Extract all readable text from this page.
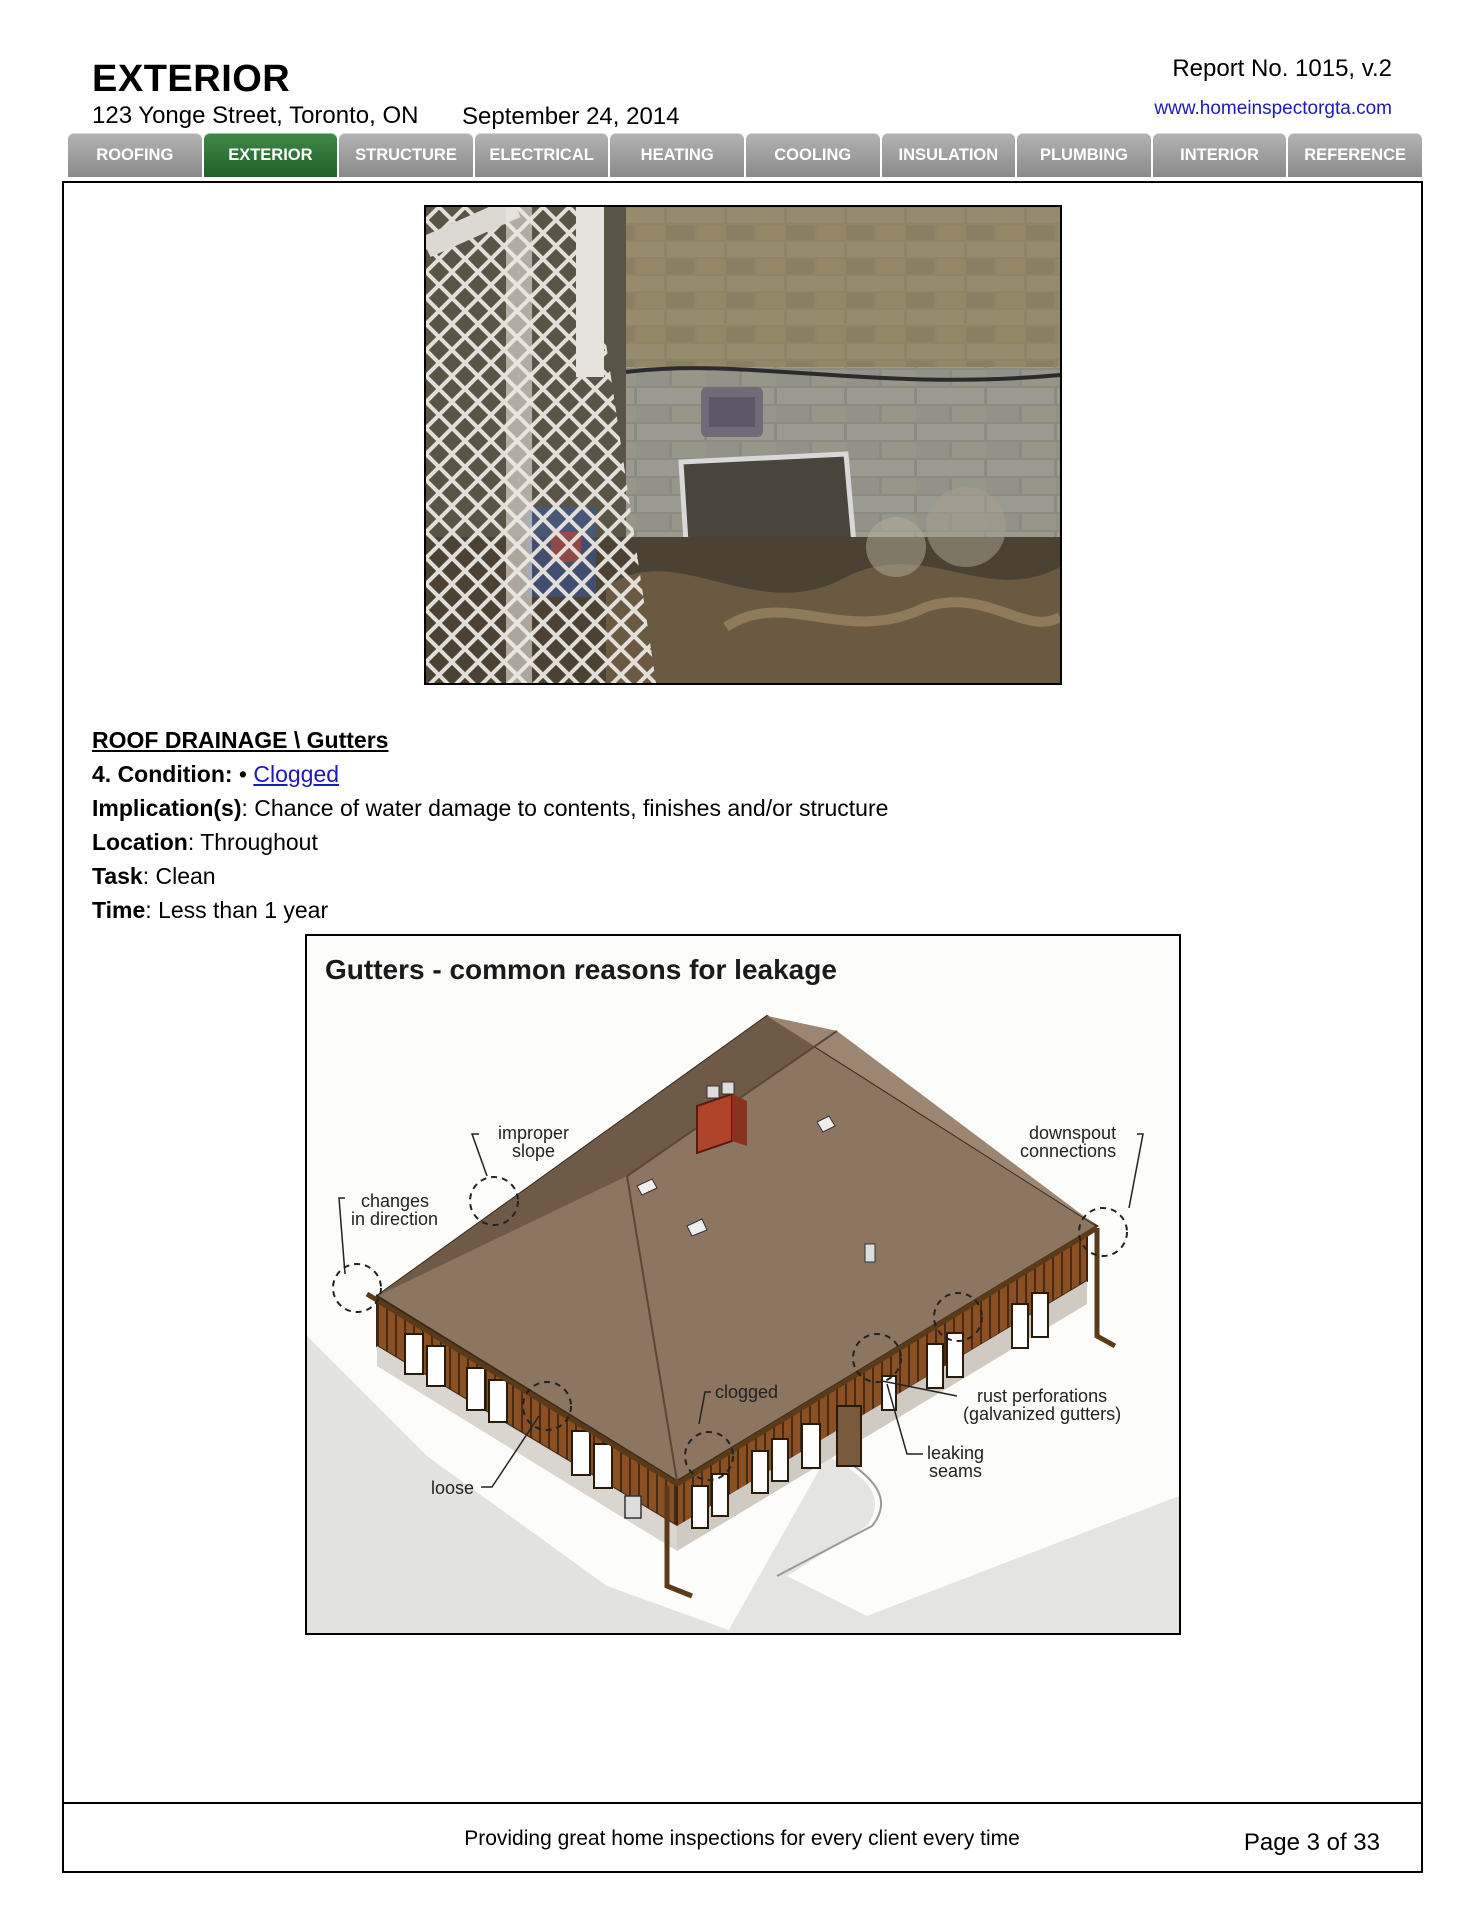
EXTERIOR
123 Yonge Street, Toronto, ON September 24, 2014
Report No. 1015, v.2
www.homeinspectorgta.com
ROOFING	EXTERIOR	STRUCTURE	ELECTRICAL	HEATING	COOLING	INSULATION	PLUMBING	INTERIOR	REFERENCE
ROOF DRAINAGE \ Gutters
4. Condition: • Clogged
Implication(s): Chance of water damage to contents, finishes and/or structure
Location: Throughout
Task: Clean
Time: Less than 1 year
Gutters - common reasons for leakage
improper
slope
changes
in direction
downspout
connections
clogged	rust perforations
(galvanized gutters)
leaking
seams
loose
Providing great home inspections for every client every time	Page 3 of 33
